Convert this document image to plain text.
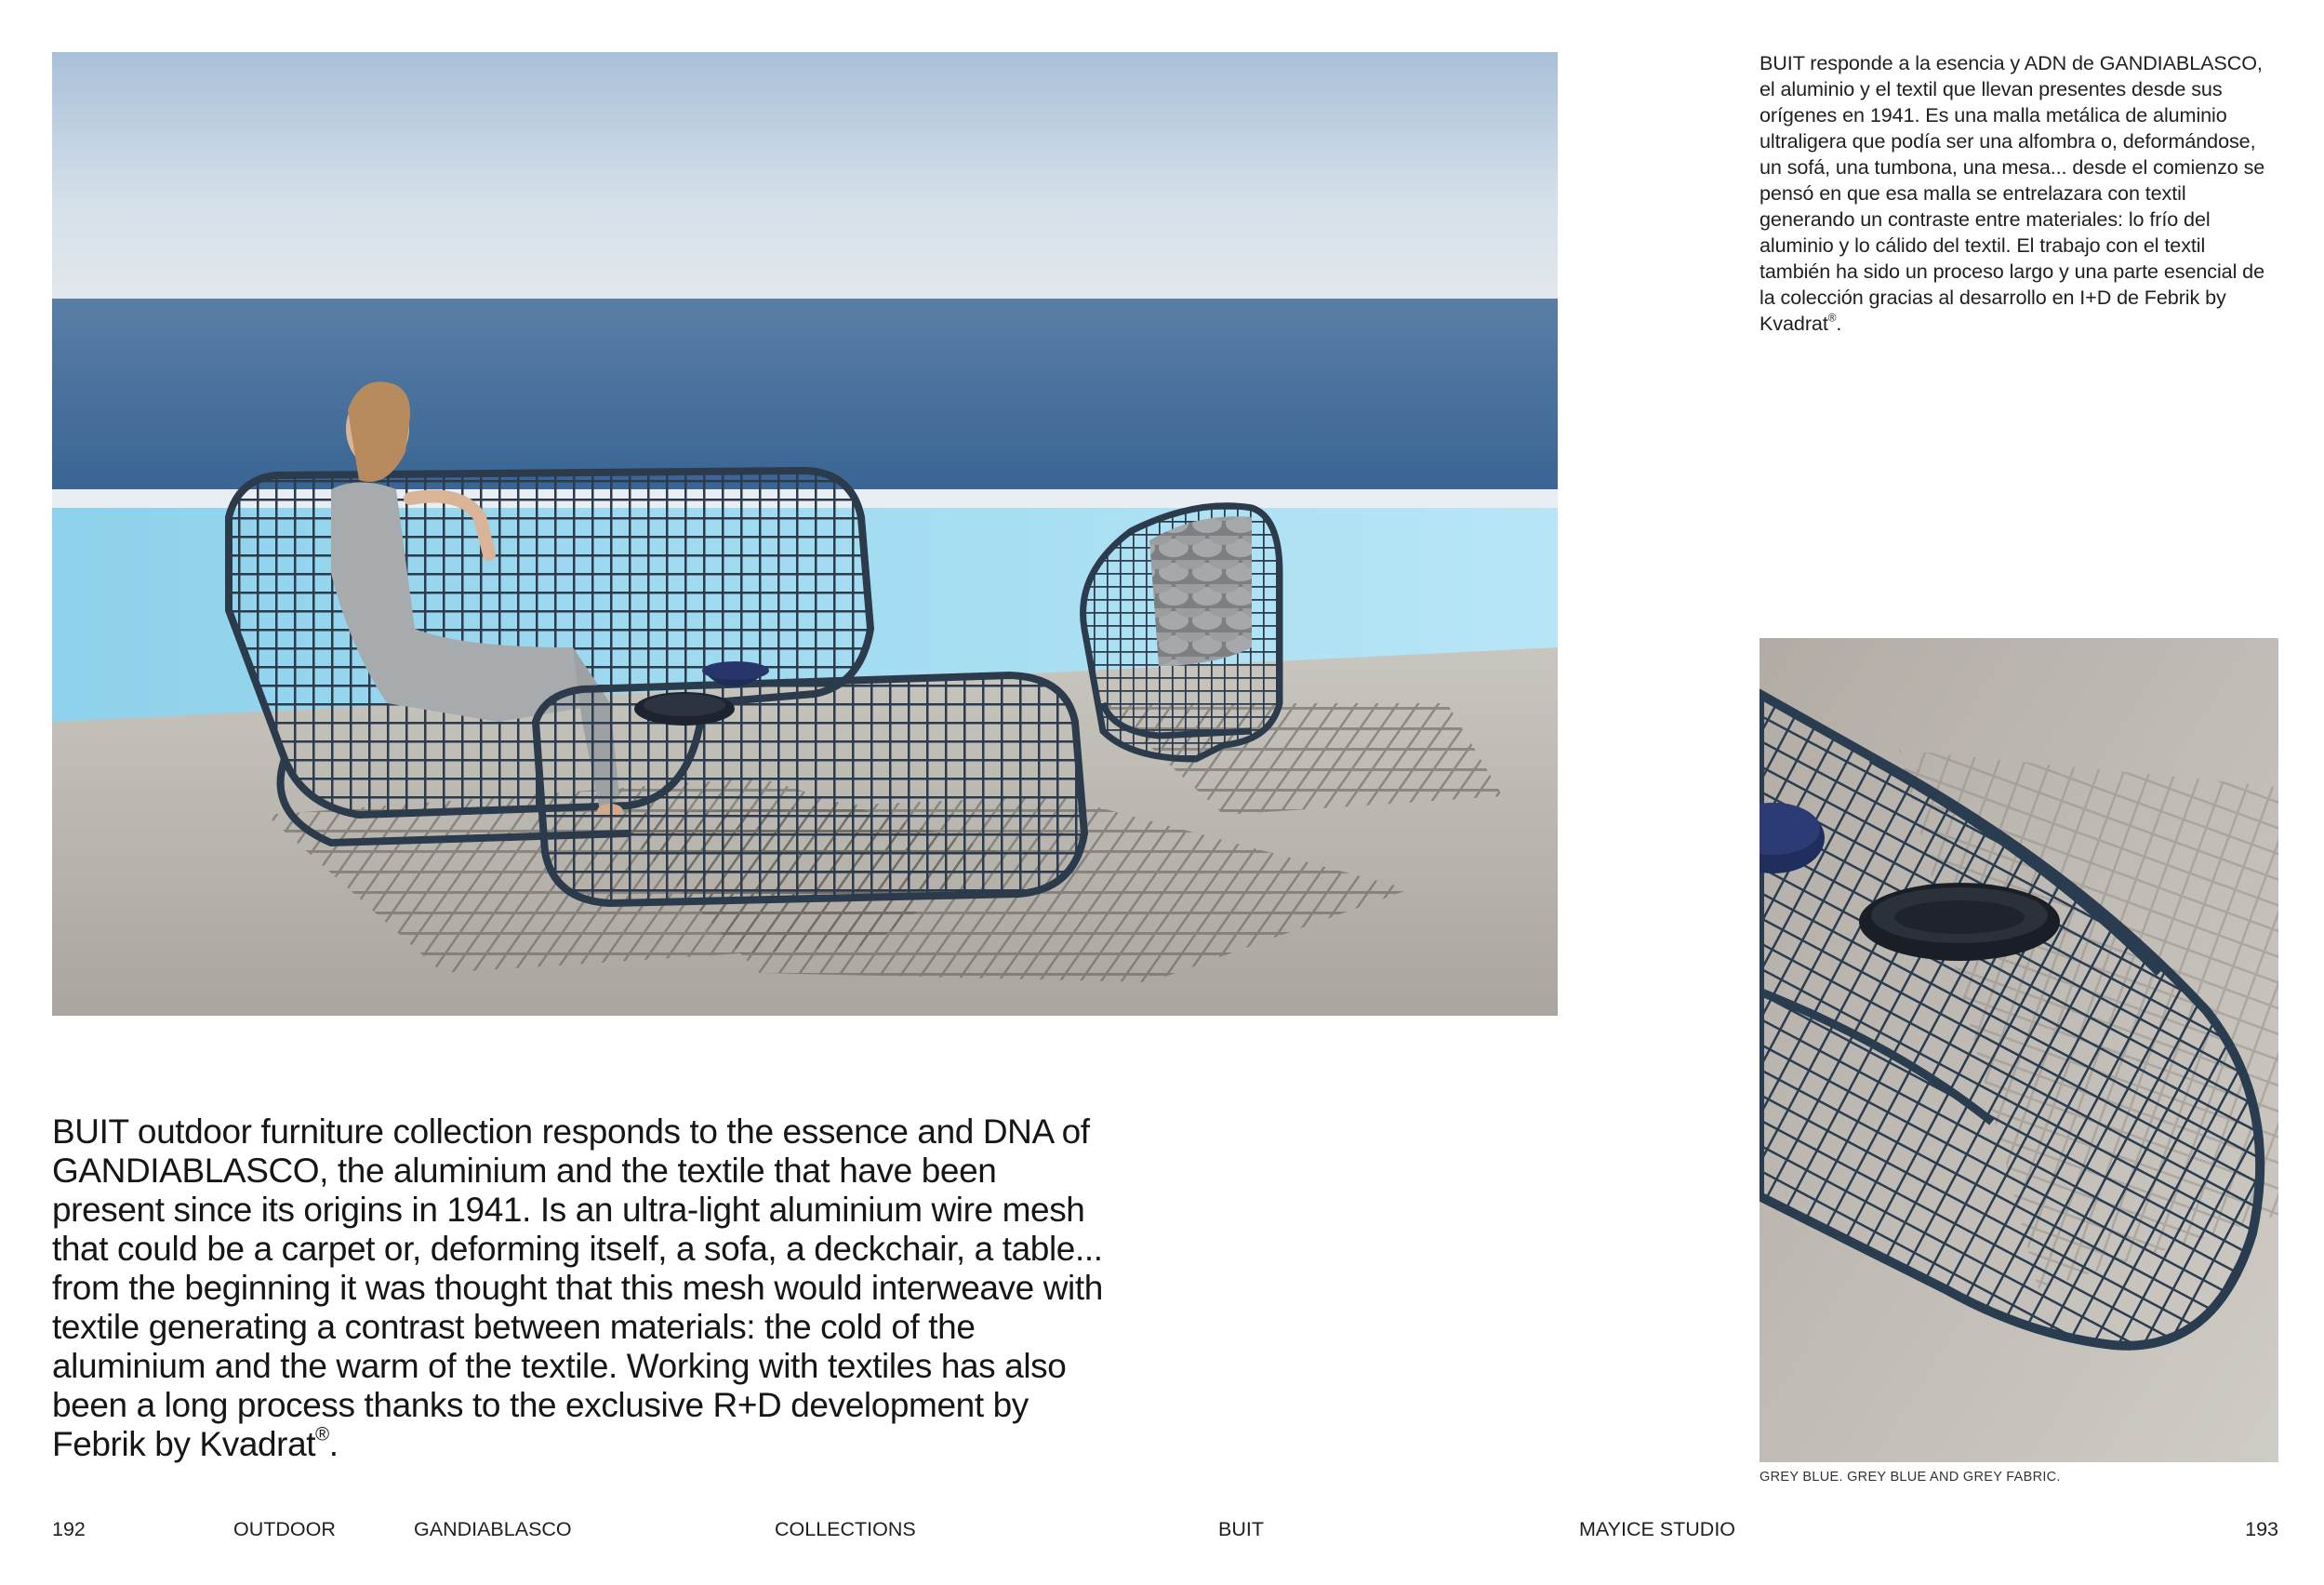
BUIT responde a la esencia y ADN de GANDIABLASCO, el aluminio y el textil que llevan presentes desde sus orígenes en 1941. Es una malla metálica de aluminio ultraligera que podía ser una alfombra o, deformándose, un sofá, una tumbona, una mesa... desde el comienzo se pensó en que esa malla se entrelazara con textil generando un contraste entre materiales: lo frío del aluminio y lo cálido del textil. El trabajo con el textil también ha sido un proceso largo y una parte esencial de la colección gracias al desarrollo en I+D de Febrik by Kvadrat®.

GREY BLUE. GREY BLUE AND GREY FABRIC.

BUIT outdoor furniture collection responds to the essence and DNA of GANDIABLASCO, the aluminium and the textile that have been present since its origins in 1941. Is an ultra-light aluminium wire mesh that could be a carpet or, deforming itself, a sofa, a deckchair, a table... from the beginning it was thought that this mesh would interweave with textile generating a contrast between materials: the cold of the aluminium and the warm of the textile. Working with textiles has also been a long process thanks to the exclusive R+D development by Febrik by Kvadrat®.

192	OUTDOOR	GANDIABLASCO	COLLECTIONS	BUIT	MAYICE STUDIO	193
